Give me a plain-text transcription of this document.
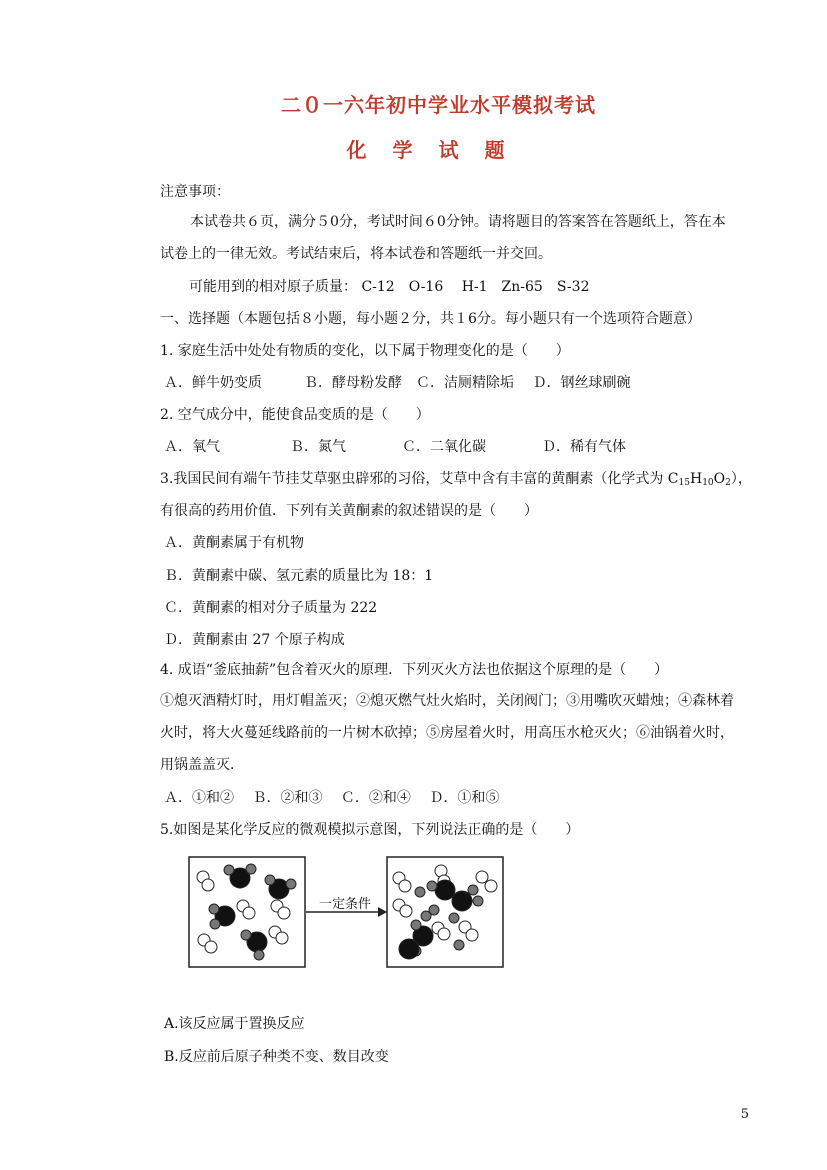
二０一六年初中学业水平模拟考试
化学试题
注意事项：
　本试卷共６页，满分５0分，考试时间６0分钟。请将题目的答案答在答题纸上，答在本
试卷上的一律无效。考试结束后，将本试卷和答题纸一并交回。
可能用到的相对原子质量： C-12　O-16　 H-1　Zn-65　S-32
一、选择题（本题包括８小题，每小题２分，共１6分。每小题只有一个选项符合题意）
1. 家庭生活中处处有物质的变化，以下属于物理变化的是（　　）
Ａ．鲜牛奶变质　　　Ｂ．酵母粉发酵　Ｃ．洁厕精除垢　 Ｄ．钢丝球刷碗
2. 空气成分中，能使食品变质的是（　　）
Ａ．氧气　　　　　Ｂ．氮气　　　　Ｃ．二氧化碳　　　　Ｄ．稀有气体
3.我国民间有端午节挂艾草驱虫辟邪的习俗，艾草中含有丰富的黄酮素（化学式为 $C_{15}H_{10}O_2$），
有很高的药用价值．下列有关黄酮素的叙述错误的是（　　）
Ａ．黄酮素属于有机物
Ｂ．黄酮素中碳、氢元素的质量比为 18：1
Ｃ．黄酮素的相对分子质量为 222
Ｄ．黄酮素由 27 个原子构成
4. 成语“釜底抽薪”包含着灭火的原理．下列灭火方法也依据这个原理的是（　　）
①熄灭酒精灯时，用灯帽盖灭；②熄灭燃气灶火焰时，关闭阀门；③用嘴吹灭蜡烛；④森林着
火时，将大火蔓延线路前的一片树木砍掉；⑤房屋着火时，用高压水枪灭火；⑥油锅着火时，
用锅盖盖灭．
Ａ．①和②　 Ｂ．②和③　 Ｃ．②和④　 Ｄ．①和⑤
5.如图是某化学反应的微观模拟示意图，下列说法正确的是（　　）
一定条件
A.该反应属于置换反应
B.反应前后原子种类不变、数目改变
5
